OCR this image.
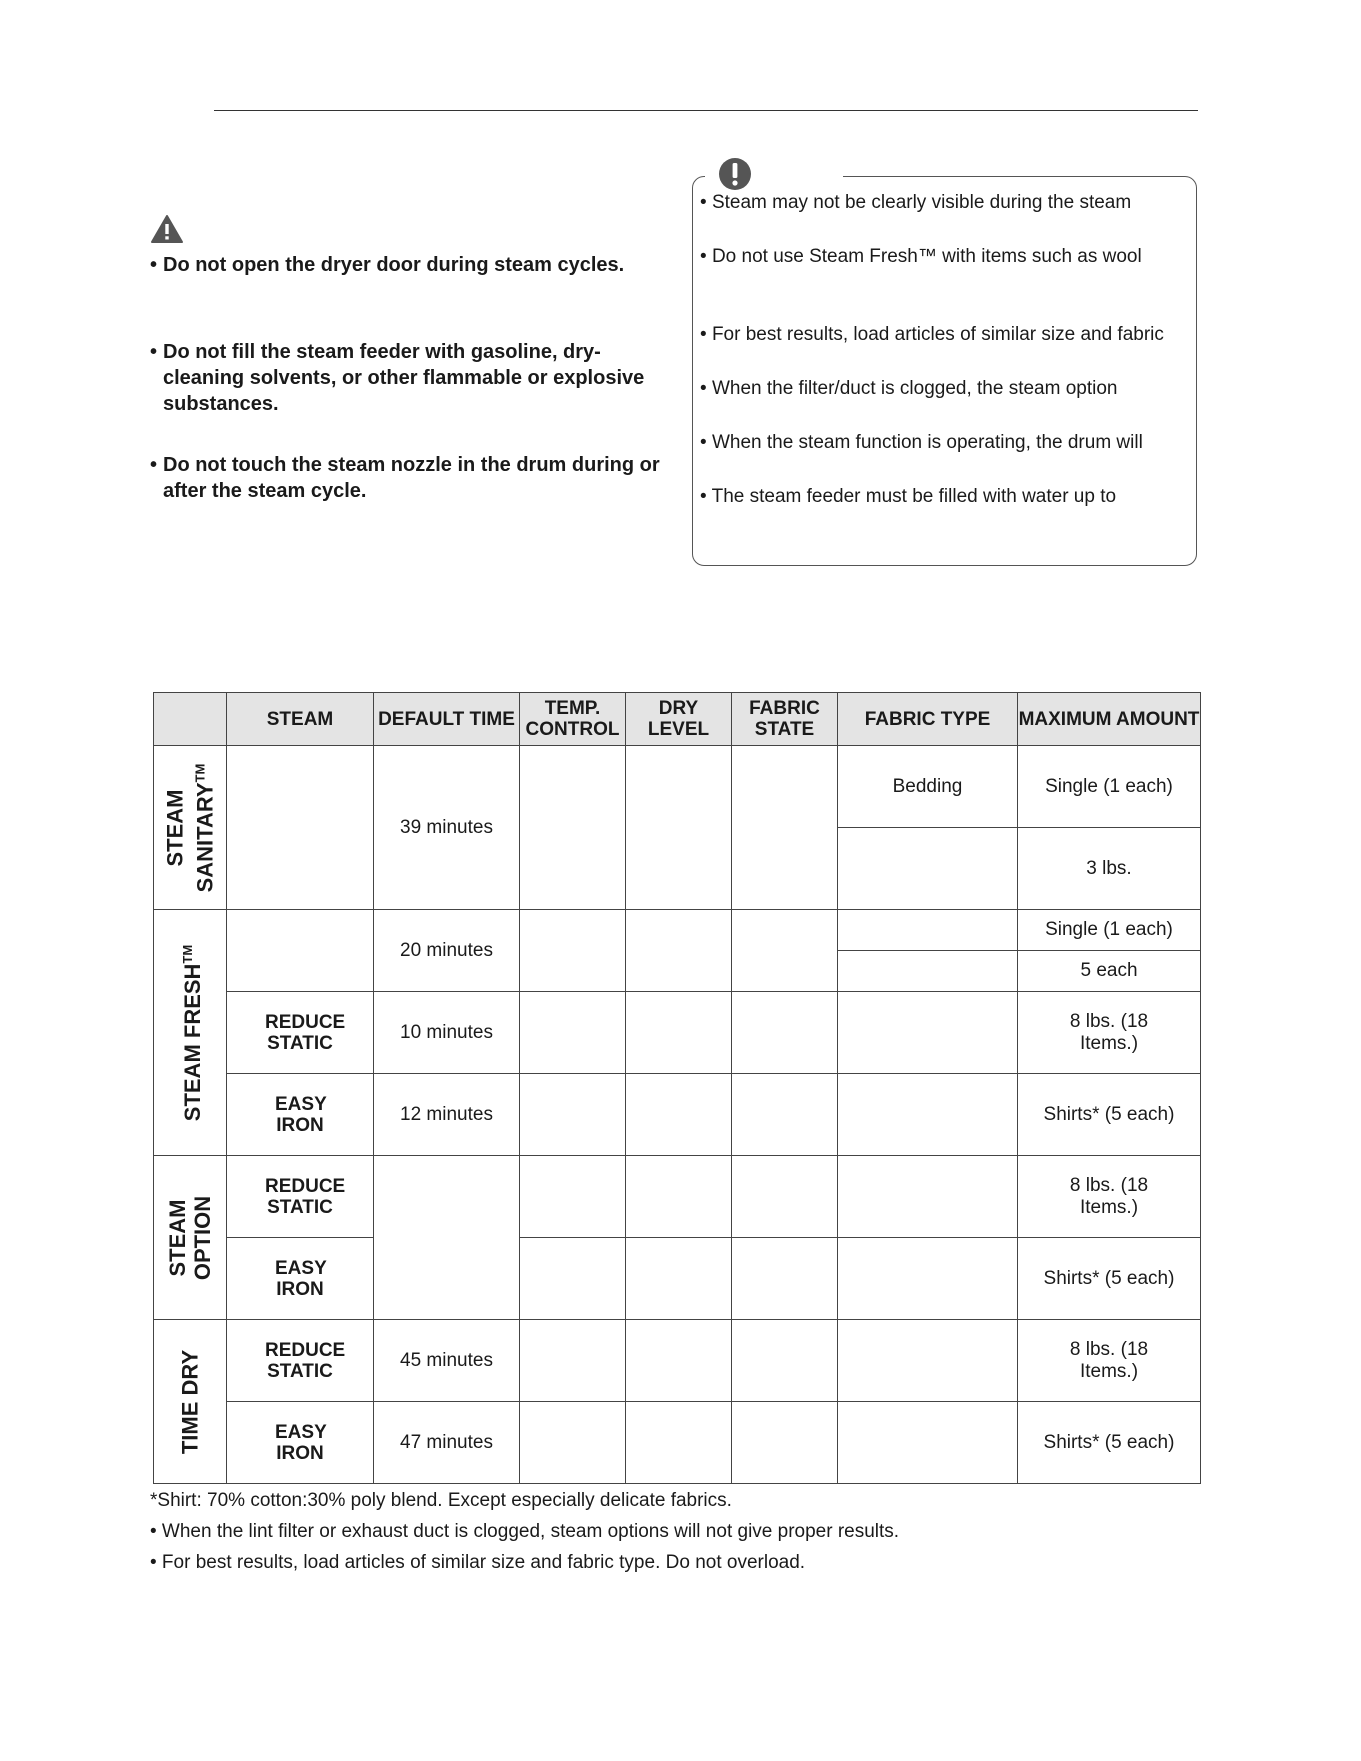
• Do not open the dryer door during steam cycles.
• Do not fill the steam feeder with gasoline, dry-cleaning solvents, or other flammable or explosive substances.
• Do not touch the steam nozzle in the drum during or after the steam cycle.
• Steam may not be clearly visible during the steam
• Do not use Steam Fresh™ with items such as wool
• For best results, load articles of similar size and fabric
• When the filter/duct is clogged, the steam option
• When the steam function is operating, the drum will
• The steam feeder must be filled with water up to
	STEAM	DEFAULT TIME	TEMP. CONTROL	DRY LEVEL	FABRIC STATE	FABRIC TYPE	MAXIMUM AMOUNT

STEAM SANITARY™		39 minutes				Bedding	Single (1 each)
							3 lbs.

STEAM FRESH™		20 minutes					Single (1 each)
							5 each
	REDUCE STATIC	10 minutes					8 lbs. (18 Items.)
	EASY IRON	12 minutes					Shirts* (5 each)

STEAM OPTION	REDUCE STATIC						8 lbs. (18 Items.)
	EASY IRON						Shirts* (5 each)

TIME DRY	REDUCE STATIC	45 minutes					8 lbs. (18 Items.)
	EASY IRON	47 minutes					Shirts* (5 each)
*Shirt: 70% cotton:30% poly blend. Except especially delicate fabrics.
• When the lint filter or exhaust duct is clogged, steam options will not give proper results.
• For best results, load articles of similar size and fabric type. Do not overload.
